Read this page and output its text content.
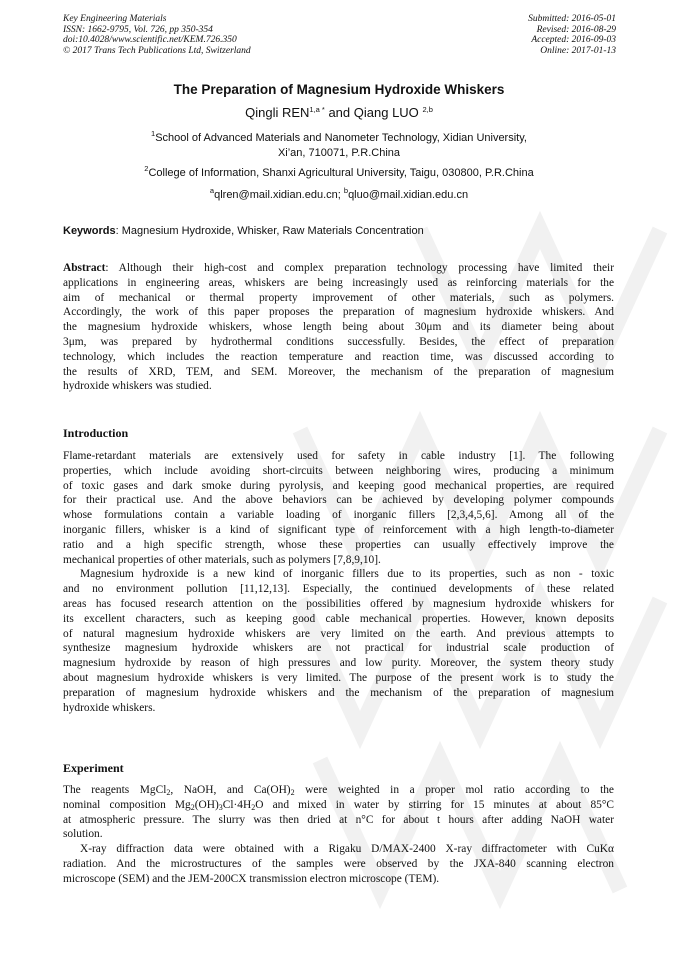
Key Engineering Materials
ISSN: 1662-9795, Vol. 726, pp 350-354
doi:10.4028/www.scientific.net/KEM.726.350
© 2017 Trans Tech Publications Ltd, Switzerland
Submitted: 2016-05-01
Revised: 2016-08-29
Accepted: 2016-09-03
Online: 2017-01-13
The Preparation of Magnesium Hydroxide Whiskers
Qingli $REN^{1,a *}$ and Qiang LUO $^{2,b}$
$^1$School of Advanced Materials and Nanometer Technology, Xidian University,
Xi’an, 710071, P.R.China
$^2$College of Information, Shanxi Agricultural University, Taigu, 030800, P.R.China
$^a$qlren@mail.xidian.edu.cn; $^b$qluo@mail.xidian.edu.cn
Keywords: Magnesium Hydroxide, Whisker, Raw Materials Concentration
Abstract: Although their high-cost and complex preparation technology processing have limited their
applications in engineering areas, whiskers are being increasingly used as reinforcing materials for the
aim of mechanical or thermal property improvement of other materials, such as polymers.
Accordingly, the work of this paper proposes the preparation of magnesium hydroxide whiskers. And
the magnesium hydroxide whiskers, whose length being about 30μm and its diameter being about
3μm, was prepared by hydrothermal conditions successfully. Besides, the effect of preparation
technology, which includes the reaction temperature and reaction time, was discussed according to
the results of XRD, TEM, and SEM. Moreover, the mechanism of the preparation of magnesium
hydroxide whiskers was studied.
Introduction
Flame-retardant materials are extensively used for safety in cable industry [1]. The following
properties, which include avoiding short-circuits between neighboring wires, producing a minimum
of toxic gases and dark smoke during pyrolysis, and keeping good mechanical properties, are required
for their practical use. And the above behaviors can be achieved by developing polymer compounds
whose formulations contain a variable loading of inorganic fillers [2,3,4,5,6]. Among all of the
inorganic fillers, whisker is a kind of significant type of reinforcement with a high length-to-diameter
ratio and a high specific strength, whose these properties can usually effectively improve the
mechanical properties of other materials, such as polymers [7,8,9,10].
Magnesium hydroxide is a new kind of inorganic fillers due to its properties, such as non - toxic
and no environment pollution [11,12,13]. Especially, the continued developments of these related
areas has focused research attention on the possibilities offered by magnesium hydroxide whiskers for
its excellent characters, such as keeping good cable mechanical properties. However, known deposits
of natural magnesium hydroxide whiskers are very limited on the earth. And previous attempts to
synthesize magnesium hydroxide whiskers are not practical for industrial scale production of
magnesium hydroxide by reason of high pressures and low purity. Moreover, the system theory study
about magnesium hydroxide whiskers is very limited. The purpose of the present work is to study the
preparation of magnesium hydroxide whiskers and the mechanism of the preparation of magnesium
hydroxide whiskers.
Experiment
The reagents MgCl$_2$, NaOH, and $Ca(OH)_2$ were weighted in a proper mol ratio according to the
nominal composition $Mg_2(OH)_3Cl\cdot 4H_2O$ and mixed in water by stirring for 15 minutes at about 85°C
at atmospheric pressure. The slurry was then dried at n°C for about t hours after adding NaOH water
solution.
X-ray diffraction data were obtained with a Rigaku D/MAX-2400 X-ray diffractometer with CuKα
radiation. And the microstructures of the samples were observed by the JXA-840 scanning electron
microscope (SEM) and the JEM-200CX transmission electron microscope (TEM).
